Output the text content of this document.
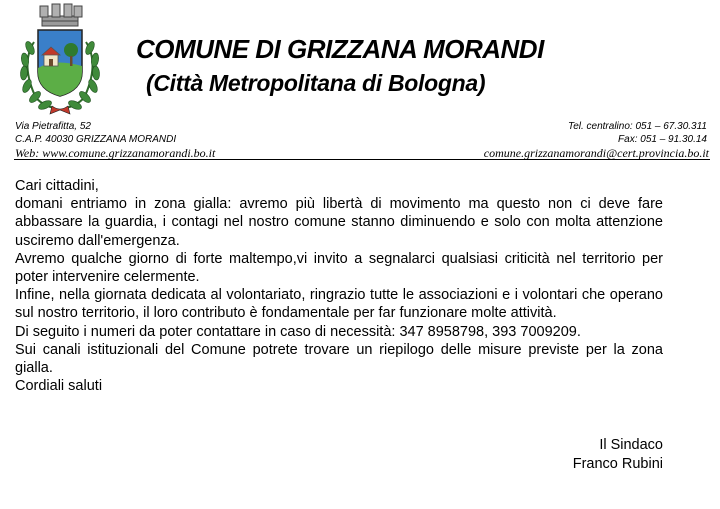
COMUNE DI GRIZZANA MORANDI
(Città Metropolitana di Bologna)
Via Pietrafitta, 52
C.A.P. 40030 GRIZZANA MORANDI
Web: www.comune.grizzanamorandi.bo.it
Tel. centralino: 051 – 67.30.311
Fax: 051 – 91.30.14
comune.grizzanamorandi@cert.provincia.bo.it

Cari cittadini,

domani entriamo in zona gialla: avremo più libertà di movimento ma questo non ci deve fare abbassare la guardia, i contagi nel nostro comune stanno diminuendo e solo con molta attenzione usciremo dall'emergenza.

Avremo qualche giorno di forte maltempo,vi invito a segnalarci qualsiasi criticità nel territorio per poter intervenire celermente.

Infine, nella giornata dedicata al volontariato, ringrazio tutte le associazioni e i volontari che operano sul nostro territorio, il loro contributo è fondamentale per far funzionare molte attività.

Di seguito i numeri da poter contattare in caso di necessità: 347 8958798, 393 7009209.

Sui canali istituzionali del Comune potrete trovare un riepilogo delle misure previste per la zona gialla.

Cordiali saluti

Il Sindaco
Franco Rubini
